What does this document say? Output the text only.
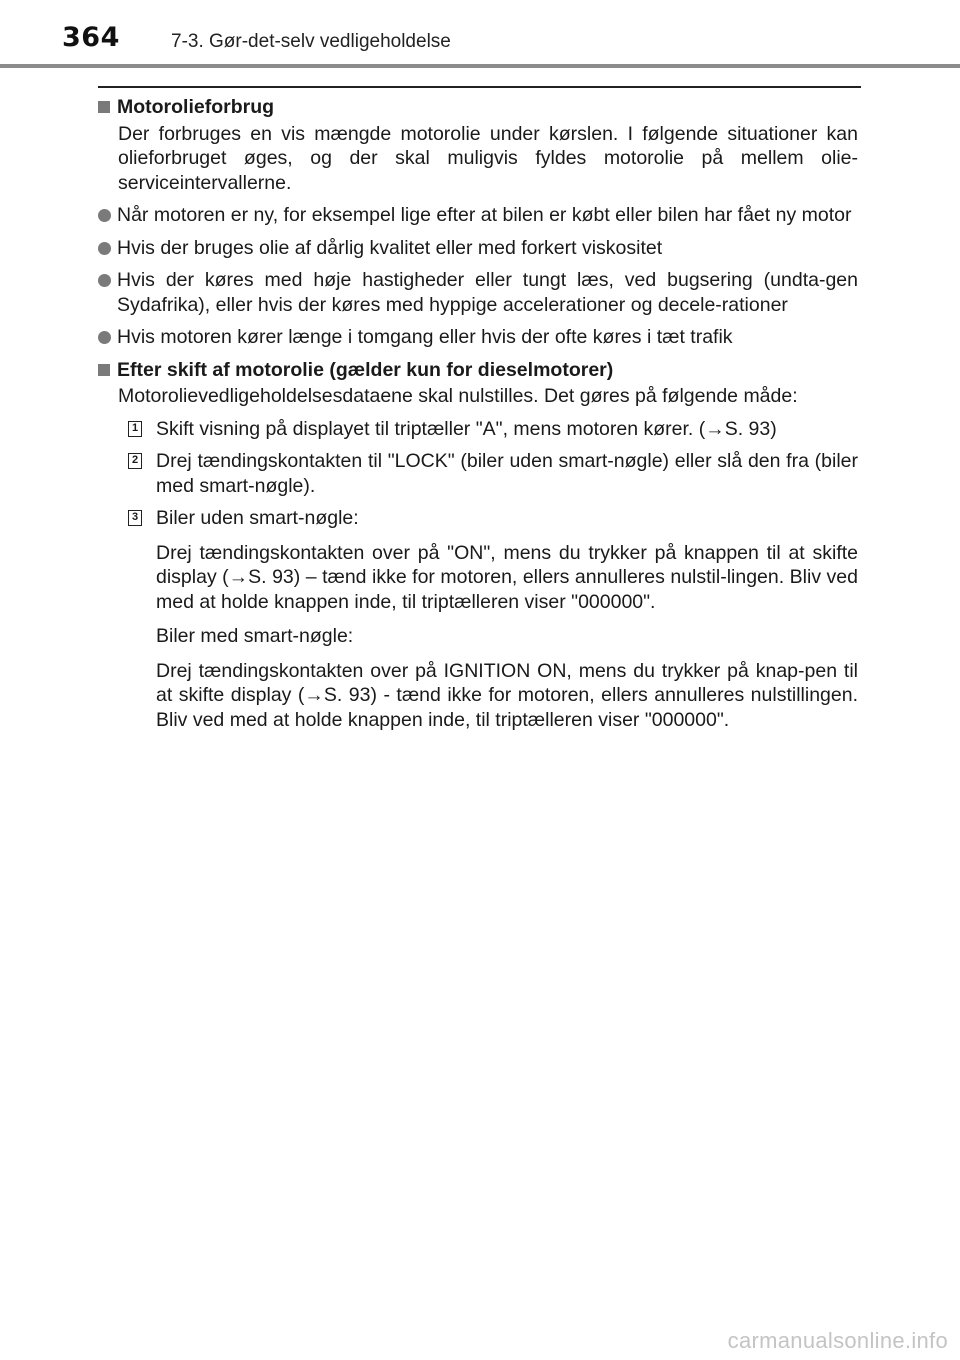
364	7-3. Gør-det-selv vedligeholdelse
Motorolieforbrug
Der forbruges en vis mængde motorolie under kørslen. I følgende situationer kan olieforbruget øges, og der skal muligvis fyldes motorolie på mellem olie-serviceintervallerne.
Når motoren er ny, for eksempel lige efter at bilen er købt eller bilen har fået ny motor
Hvis der bruges olie af dårlig kvalitet eller med forkert viskositet
Hvis der køres med høje hastigheder eller tungt læs, ved bugsering (undta-gen Sydafrika), eller hvis der køres med hyppige accelerationer og decele-rationer
Hvis motoren kører længe i tomgang eller hvis der ofte køres i tæt trafik
Efter skift af motorolie (gælder kun for dieselmotorer)
Motorolievedligeholdelsesdataene skal nulstilles. Det gøres på følgende måde:
1 Skift visning på displayet til triptæller "A", mens motoren kører. (→S. 93)
2 Drej tændingskontakten til "LOCK" (biler uden smart-nøgle) eller slå den fra (biler med smart-nøgle).
3 Biler uden smart-nøgle:
Drej tændingskontakten over på "ON", mens du trykker på knappen til at skifte display (→S. 93) – tænd ikke for motoren, ellers annulleres nulstil-lingen. Bliv ved med at holde knappen inde, til triptælleren viser "000000".
Biler med smart-nøgle:
Drej tændingskontakten over på IGNITION ON, mens du trykker på knap-pen til at skifte display (→S. 93) - tænd ikke for motoren, ellers annulleres nulstillingen. Bliv ved med at holde knappen inde, til triptælleren viser "000000".
carmanualsonline.info
